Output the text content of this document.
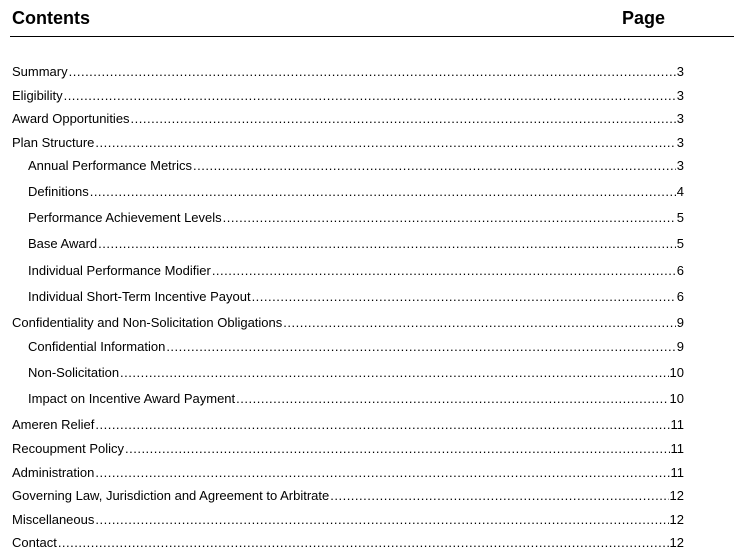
Contents	Page
Summary .....	3
Eligibility .....	3
Award Opportunities .....	3
Plan Structure .....	3
Annual Performance Metrics .....	3
Definitions .....	4
Performance Achievement Levels .....	5
Base Award .....	5
Individual Performance Modifier .....	6
Individual Short-Term Incentive Payout .....	6
Confidentiality and Non-Solicitation Obligations .....	9
Confidential Information .....	9
Non-Solicitation .....	10
Impact on Incentive Award Payment .....	10
Ameren Relief .....	11
Recoupment Policy .....	11
Administration .....	11
Governing Law, Jurisdiction and Agreement to Arbitrate .....	12
Miscellaneous .....	12
Contact .....	12
